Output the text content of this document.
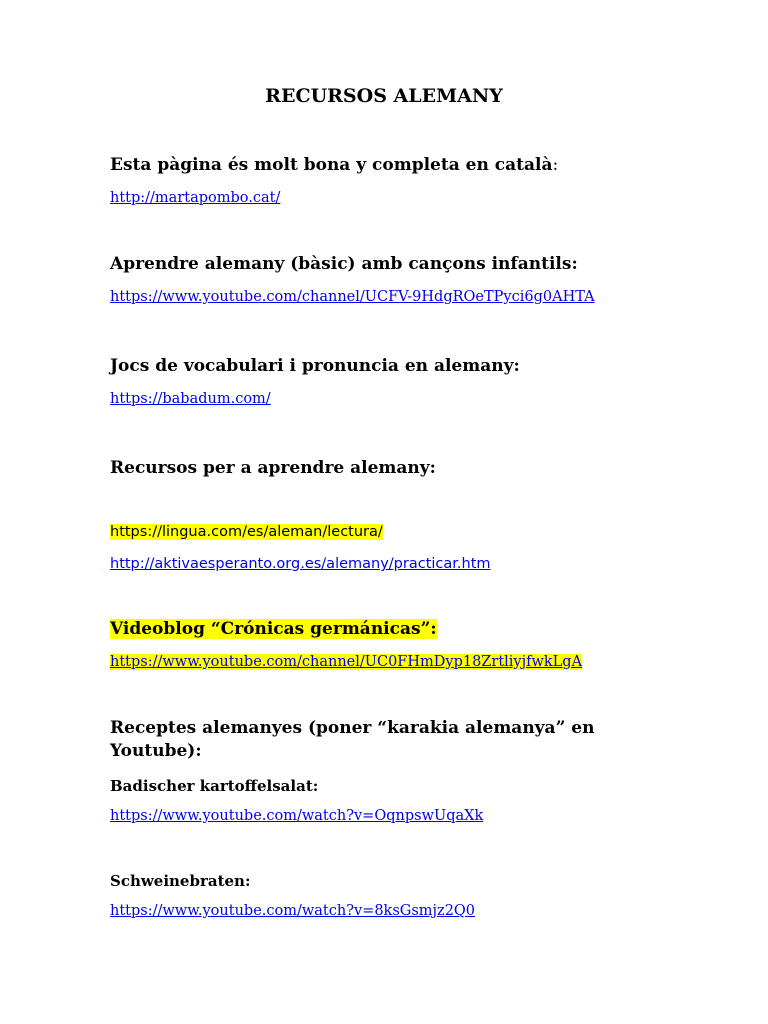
RECURSOS ALEMANY
Esta pàgina és molt bona y completa en català:
http://martapombo.cat/
Aprendre alemany (bàsic) amb cançons infantils:
https://www.youtube.com/channel/UCFV-9HdgROeTPyci6g0AHTA
Jocs de vocabulari i pronuncia en alemany:
https://babadum.com/
Recursos per a aprendre alemany:
https://lingua.com/es/aleman/lectura/
http://aktivaesperanto.org.es/alemany/practicar.htm
Videoblog “Crónicas germánicas”:
https://www.youtube.com/channel/UC0FHmDyp18ZrtliyjfwkLgA
Receptes alemanyes (poner “karakia alemanya” en Youtube):
Badischer kartoffelsalat:
https://www.youtube.com/watch?v=OqnpswUqaXk
Schweinebraten:
https://www.youtube.com/watch?v=8ksGsmjz2Q0
